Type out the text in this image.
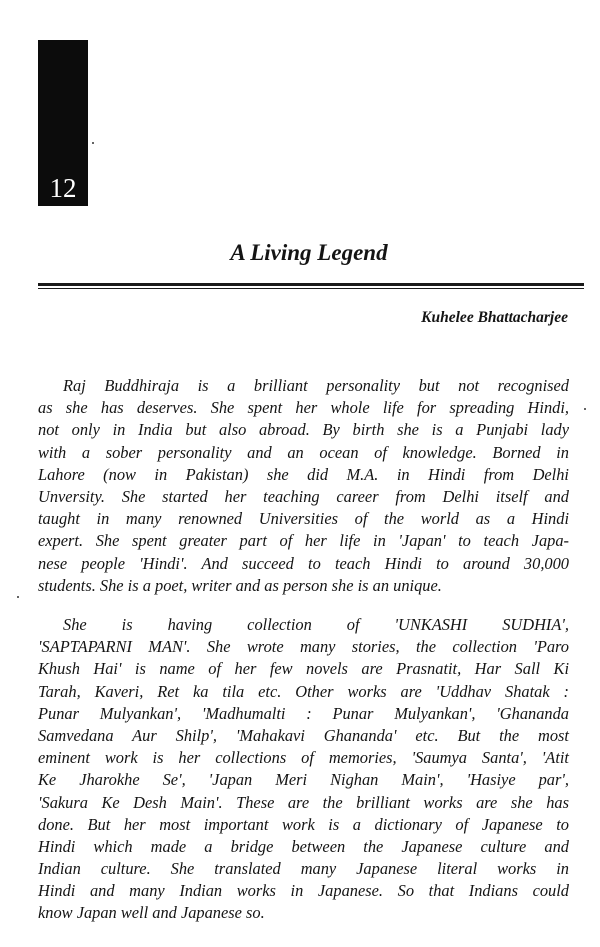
12
A Living Legend

Kuhelee Bhattacharjee

Raj Buddhiraja is a brilliant personality but not recognised
as she has deserves. She spent her whole life for spreading Hindi,
not only in India but also abroad. By birth she is a Punjabi lady
with a sober personality and an ocean of knowledge. Borned in
Lahore (now in Pakistan) she did M.A. in Hindi from Delhi
Unversity. She started her teaching career from Delhi itself and
taught in many renowned Universities of the world as a Hindi
expert. She spent greater part of her life in 'Japan' to teach Japa-
nese people 'Hindi'. And succeed to teach Hindi to around 30,000
students. She is a poet, writer and as person she is an unique.
She is having collection of 'UNKASHI SUDHIA',
'SAPTAPARNI MAN'. She wrote many stories, the collection 'Paro
Khush Hai' is name of her few novels are Prasnatit, Har Sall Ki
Tarah, Kaveri, Ret ka tila etc. Other works are 'Uddhav Shatak :
Punar Mulyankan', 'Madhumalti : Punar Mulyankan', 'Ghananda
Samvedana Aur Shilp', 'Mahakavi Ghananda' etc. But the most
eminent work is her collections of memories, 'Saumya Santa', 'Atit
Ke Jharokhe Se', 'Japan Meri Nighan Main', 'Hasiye par',
'Sakura Ke Desh Main'. These are the brilliant works are she has
done. But her most important work is a dictionary of Japanese to
Hindi which made a bridge between the Japanese culture and
Indian culture. She translated many Japanese literal works in
Hindi and many Indian works in Japanese. So that Indians could
know Japan well and Japanese so.
